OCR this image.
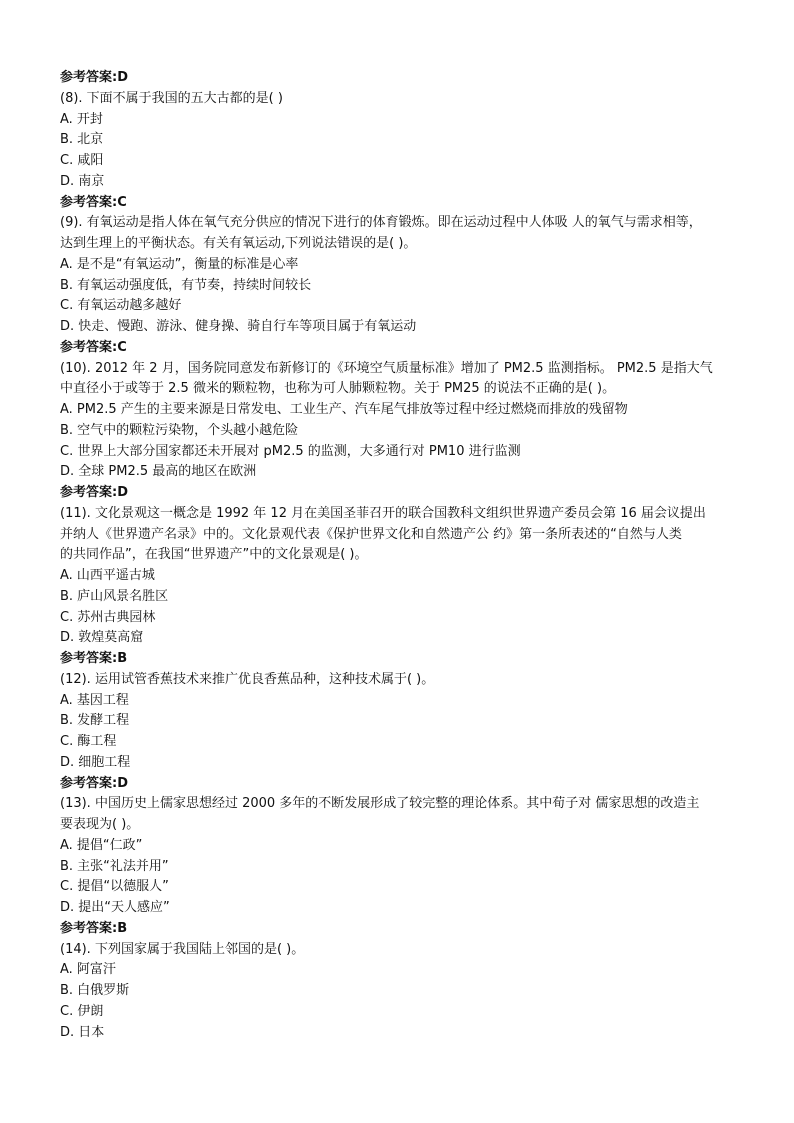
参考答案:D
(8). 下面不属于我国的五大古都的是( )
A. 开封
B. 北京
C. 咸阳
D. 南京
参考答案:C
(9). 有氧运动是指人体在氧气充分供应的情况下进行的体育锻炼。即在运动过程中人体吸 人的氧气与需求相等，
达到生理上的平衡状态。有关有氧运动,下列说法错误的是( )。
A. 是不是“有氧运动”，衡量的标准是心率
B. 有氧运动强度低，有节奏，持续时间较长
C. 有氧运动越多越好
D. 快走、慢跑、游泳、健身操、骑自行车等项目属于有氧运动
参考答案:C
(10). 2012 年 2 月，国务院同意发布新修订的《环境空气质量标准》增加了 PM2.5 监测指标。 PM2.5 是指大气
中直径小于或等于 2.5 微米的颗粒物，也称为可人肺颗粒物。关于 PM25 的说法不正确的是( )。
A. PM2.5 产生的主要来源是日常发电、工业生产、汽车尾气排放等过程中经过燃烧而排放的残留物
B. 空气中的颗粒污染物，个头越小越危险
C. 世界上大部分国家都还未开展对 pM2.5 的监测，大多通行对 PM10 进行监测
D. 全球 PM2.5 最高的地区在欧洲
参考答案:D
(11). 文化景观这一概念是 1992 年 12 月在美国圣菲召开的联合国教科文组织世界遗产委员会第 16 届会议提出
并纳人《世界遗产名录》中的。文化景观代表《保护世界文化和自然遗产公 约》第一条所表述的“自然与人类
的共同作品”，在我国“世界遗产”中的文化景观是( )。
A. 山西平遥古城
B. 庐山风景名胜区
C. 苏州古典园林
D. 敦煌莫高窟
参考答案:B
(12). 运用试管香蕉技术来推广优良香蕉品种，这种技术属于( )。
A. 基因工程
B. 发酵工程
C. 酶工程
D. 细胞工程
参考答案:D
(13). 中国历史上儒家思想经过 2000 多年的不断发展形成了较完整的理论体系。其中荀子对 儒家思想的改造主
要表现为( )。
A. 提倡“仁政”
B. 主张“礼法并用”
C. 提倡“以德服人”
D. 提出“天人感应”
参考答案:B
(14). 下列国家属于我国陆上邻国的是( )。
A. 阿富汗
B. 白俄罗斯
C. 伊朗
D. 日本
